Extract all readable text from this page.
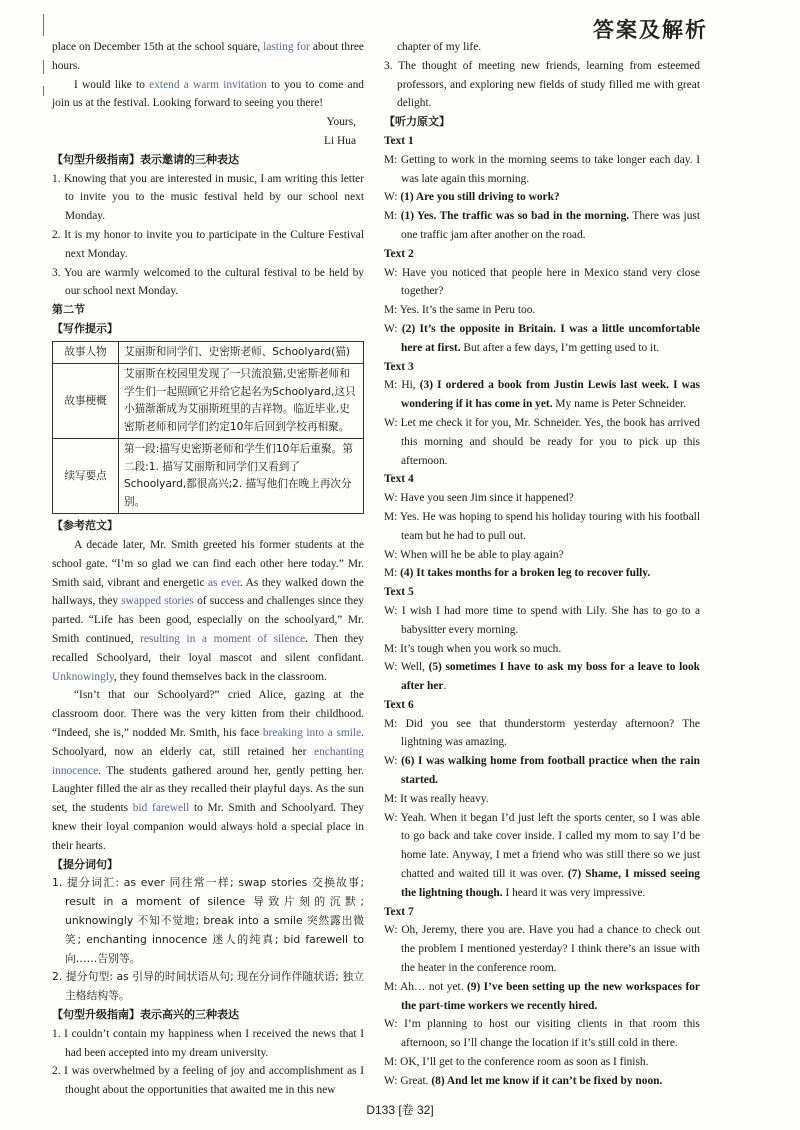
答案及解析

place on December 15th at the school square, lasting for about three hours.

I would like to extend a warm invitation to you to come and join us at the festival. Looking forward to seeing you there!

Yours,

Li Hua

【句型升级指南】表示邀请的三种表达

1. Knowing that you are interested in music, I am writing this letter to invite you to the music festival held by our school next Monday.

2. It is my honor to invite you to participate in the Culture Festival next Monday.

3. You are warmly welcomed to the cultural festival to be held by our school next Monday.

第二节

【写作提示】

故事人物	艾丽斯和同学们、史密斯老师、Schoolyard(猫)
故事梗概	艾丽斯在校园里发现了一只流浪猫,史密斯老师和学生们一起照顾它并给它起名为Schoolyard,这只小猫渐渐成为艾丽斯班里的吉祥物。临近毕业,史密斯老师和同学们约定10年后回到学校再相聚。
续写要点	第一段:描写史密斯老师和学生们10年后重聚。第二段:1. 描写艾丽斯和同学们又看到了Schoolyard,都很高兴;2. 描写他们在晚上再次分别。

【参考范文】

A decade later, Mr. Smith greeted his former students at the school gate. “I’m so glad we can find each other here today.” Mr. Smith said, vibrant and energetic as ever. As they walked down the hallways, they swapped stories of success and challenges since they parted. “Life has been good, especially on the schoolyard,” Mr. Smith continued, resulting in a moment of silence. Then they recalled Schoolyard, their loyal mascot and silent confidant. Unknowingly, they found themselves back in the classroom.

“Isn’t that our Schoolyard?” cried Alice, gazing at the classroom door. There was the very kitten from their childhood. “Indeed, she is,” nodded Mr. Smith, his face breaking into a smile. Schoolyard, now an elderly cat, still retained her enchanting innocence. The students gathered around her, gently petting her. Laughter filled the air as they recalled their playful days. As the sun set, the students bid farewell to Mr. Smith and Schoolyard. They knew their loyal companion would always hold a special place in their hearts.

【提分词句】

1. 提分词汇: as ever 同往常一样; swap stories 交换故事; result in a moment of silence 导致片刻的沉默; unknowingly 不知不觉地; break into a smile 突然露出微笑; enchanting innocence 迷人的纯真; bid farewell to 向……告别等。

2. 提分句型: as 引导的时间状语从句; 现在分词作伴随状语; 独立主格结构等。

【句型升级指南】表示高兴的三种表达

1. I couldn’t contain my happiness when I received the news that I had been accepted into my dream university.

2. I was overwhelmed by a feeling of joy and accomplishment as I thought about the opportunities that awaited me in this new

chapter of my life.

3. The thought of meeting new friends, learning from esteemed professors, and exploring new fields of study filled me with great delight.

【听力原文】

Text 1

M: Getting to work in the morning seems to take longer each day. I was late again this morning.

W: (1) Are you still driving to work?

M: (1) Yes. The traffic was so bad in the morning. There was just one traffic jam after another on the road.

Text 2

W: Have you noticed that people here in Mexico stand very close together?

M: Yes. It’s the same in Peru too.

W: (2) It’s the opposite in Britain. I was a little uncomfortable here at first. But after a few days, I’m getting used to it.

Text 3

M: Hi, (3) I ordered a book from Justin Lewis last week. I was wondering if it has come in yet. My name is Peter Schneider.

W: Let me check it for you, Mr. Schneider. Yes, the book has arrived this morning and should be ready for you to pick up this afternoon.

Text 4

W: Have you seen Jim since it happened?

M: Yes. He was hoping to spend his holiday touring with his football team but he had to pull out.

W: When will he be able to play again?

M: (4) It takes months for a broken leg to recover fully.

Text 5

W: I wish I had more time to spend with Lily. She has to go to a babysitter every morning.

M: It’s tough when you work so much.

W: Well, (5) sometimes I have to ask my boss for a leave to look after her.

Text 6

M: Did you see that thunderstorm yesterday afternoon? The lightning was amazing.

W: (6) I was walking home from football practice when the rain started.

M: It was really heavy.

W: Yeah. When it began I’d just left the sports center, so I was able to go back and take cover inside. I called my mom to say I’d be home late. Anyway, I met a friend who was still there so we just chatted and waited till it was over. (7) Shame, I missed seeing the lightning though. I heard it was very impressive.

Text 7

W: Oh, Jeremy, there you are. Have you had a chance to check out the problem I mentioned yesterday? I think there’s an issue with the heater in the conference room.

M: Ah… not yet. (9) I’ve been setting up the new workspaces for the part-time workers we recently hired.

W: I’m planning to host our visiting clients in that room this afternoon, so I’ll change the location if it’s still cold in there.

M: OK, I’ll get to the conference room as soon as I finish.

W: Great. (8) And let me know if it can’t be fixed by noon.

D133 [卷 32]
